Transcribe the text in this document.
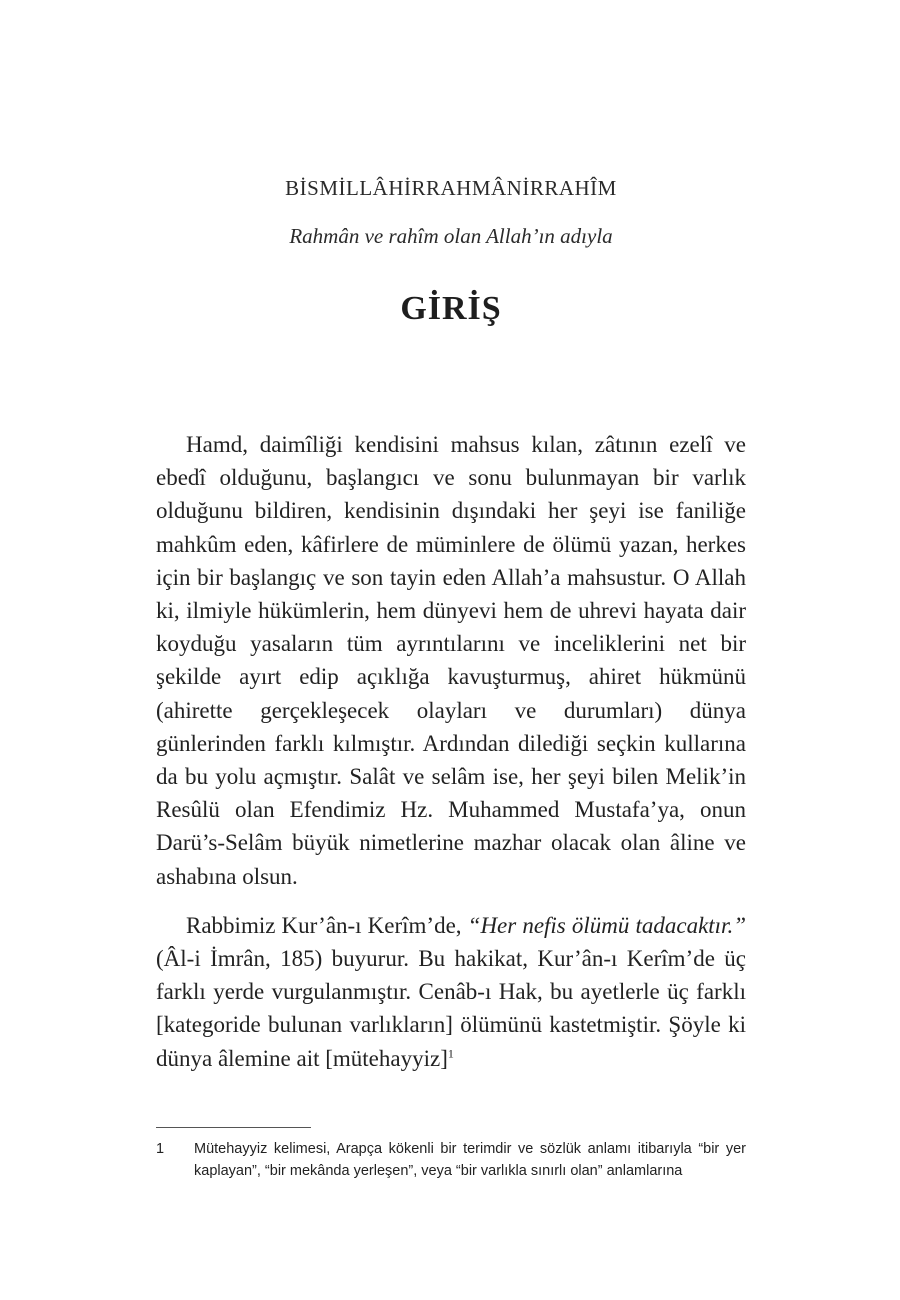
BİSMİLLÂHİRRAHMÂNİRRAHÎM
Rahmân ve rahîm olan Allah’ın adıyla
GİRİŞ

Hamd, daimîliği kendisini mahsus kılan, zâtının ezelî ve ebedî olduğunu, başlangıcı ve sonu bulunmayan bir varlık olduğunu bildiren, kendisinin dışındaki her şeyi ise faniliğe mahkûm eden, kâfirlere de müminlere de ölümü yazan, herkes için bir başlangıç ve son tayin eden Allah’a mahsustur. O Allah ki, ilmiyle hükümlerin, hem dünyevi hem de uhrevi hayata dair koyduğu yasaların tüm ayrıntılarını ve inceliklerini net bir şekilde ayırt edip açıklığa kavuşturmuş, ahiret hükmünü (ahirette gerçekleşecek olayları ve durumları) dünya günlerinden farklı kılmıştır. Ardından dilediği seçkin kullarına da bu yolu açmıştır. Salât ve selâm ise, her şeyi bilen Melik’in Resûlü olan Efendimiz Hz. Muhammed Mustafa’ya, onun Darü’s-Selâm büyük nimetlerine mazhar olacak olan âline ve ashabına olsun.

Rabbimiz Kur’ân-ı Kerîm’de, “Her nefis ölümü tadacaktır.” (Âl-i İmrân, 185) buyurur. Bu hakikat, Kur’ân-ı Kerîm’de üç farklı yerde vurgulanmıştır. Cenâb-ı Hak, bu ayetlerle üç farklı [kategoride bulunan varlıkların] ölümünü kastetmiştir. Şöyle ki dünya âlemine ait [mütehayyiz]$^1$

1	Mütehayyiz kelimesi, Arapça kökenli bir terimdir ve sözlük anlamı itibarıyla “bir yer kaplayan”, “bir mekânda yerleşen”, veya “bir varlıkla sınırlı olan” anlamlarına
